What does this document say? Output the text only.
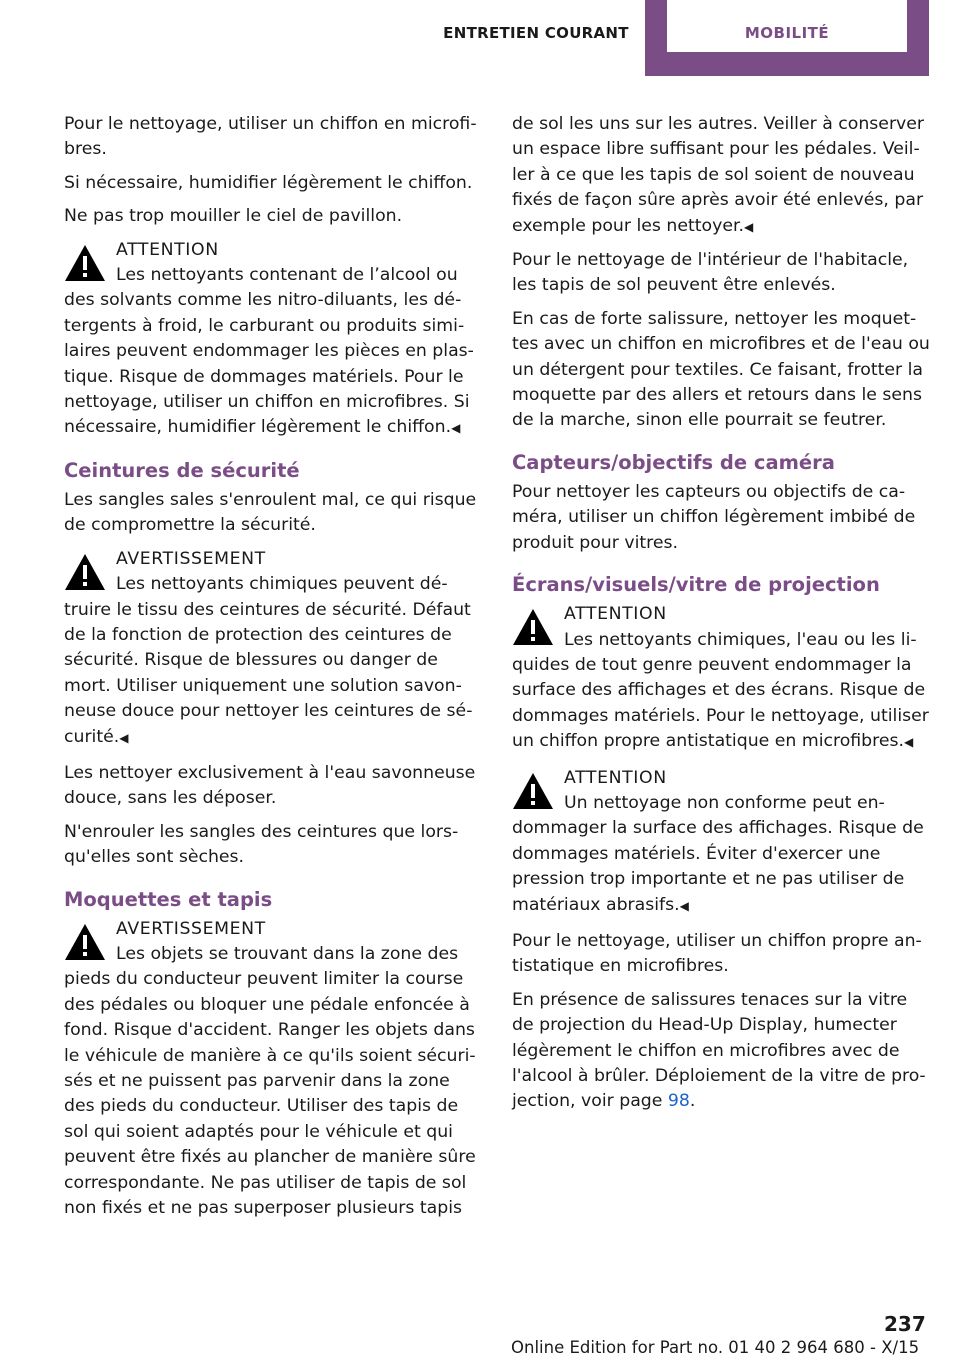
ENTRETIEN COURANT	MOBILITÉ

Pour le nettoyage, utiliser un chiffon en microfibres.

Si nécessaire, humidifier légèrement le chiffon.

Ne pas trop mouiller le ciel de pavillon.

ATTENTION

Les nettoyants contenant de l’alcool ou des solvants comme les nitro-diluants, les détergents à froid, le carburant ou produits similaires peuvent endommager les pièces en plastique. Risque de dommages matériels. Pour le nettoyage, utiliser un chiffon en microfibres. Si nécessaire, humidifier légèrement le chiffon.◀

Ceintures de sécurité

Les sangles sales s'enroulent mal, ce qui risque de compromettre la sécurité.

AVERTISSEMENT

Les nettoyants chimiques peuvent détruire le tissu des ceintures de sécurité. Défaut de la fonction de protection des ceintures de sécurité. Risque de blessures ou danger de mort. Utiliser uniquement une solution savonneuse douce pour nettoyer les ceintures de sécurité.◀

Les nettoyer exclusivement à l'eau savonneuse douce, sans les déposer.

N'enrouler les sangles des ceintures que lorsqu'elles sont sèches.

Moquettes et tapis
AVERTISSEMENT

Les objets se trouvant dans la zone des pieds du conducteur peuvent limiter la course des pédales ou bloquer une pédale enfoncée à fond. Risque d'accident. Ranger les objets dans le véhicule de manière à ce qu'ils soient sécurisés et ne puissent pas parvenir dans la zone des pieds du conducteur. Utiliser des tapis de sol qui soient adaptés pour le véhicule et qui peuvent être fixés au plancher de manière sûre correspondante. Ne pas utiliser de tapis de sol non fixés et ne pas superposer plusieurs tapis

de sol les uns sur les autres. Veiller à conserver un espace libre suffisant pour les pédales. Veiller à ce que les tapis de sol soient de nouveau fixés de façon sûre après avoir été enlevés, par exemple pour les nettoyer.◀

Pour le nettoyage de l'intérieur de l'habitacle, les tapis de sol peuvent être enlevés.

En cas de forte salissure, nettoyer les moquettes avec un chiffon en microfibres et de l'eau ou un détergent pour textiles. Ce faisant, frotter la moquette par des allers et retours dans le sens de la marche, sinon elle pourrait se feutrer.

Capteurs/objectifs de caméra

Pour nettoyer les capteurs ou objectifs de caméra, utiliser un chiffon légèrement imbibé de produit pour vitres.

Écrans/visuels/vitre de projection
ATTENTION

Les nettoyants chimiques, l'eau ou les liquides de tout genre peuvent endommager la surface des affichages et des écrans. Risque de dommages matériels. Pour le nettoyage, utiliser un chiffon propre antistatique en microfibres.◀

ATTENTION

Un nettoyage non conforme peut endommager la surface des affichages. Risque de dommages matériels. Éviter d'exercer une pression trop importante et ne pas utiliser de matériaux abrasifs.◀

Pour le nettoyage, utiliser un chiffon propre antistatique en microfibres.

En présence de salissures tenaces sur la vitre de projection du Head-Up Display, humecter légèrement le chiffon en microfibres avec de l'alcool à brûler. Déploiement de la vitre de projection, voir page 98.

237
Online Edition for Part no. 01 40 2 964 680 - X/15
